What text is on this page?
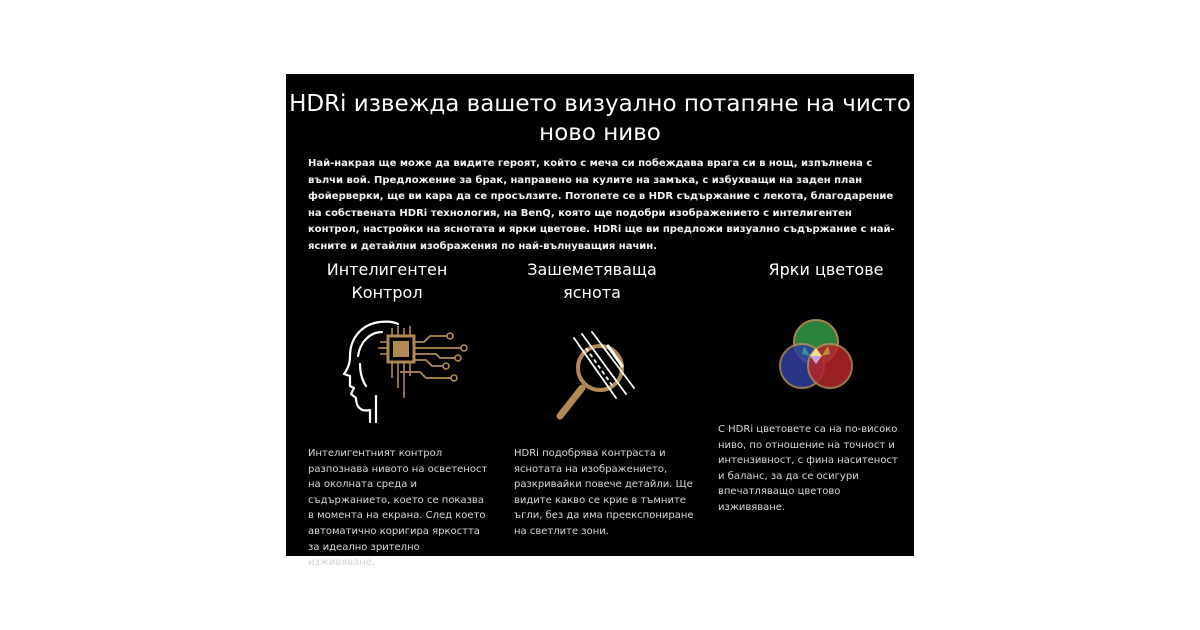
HDRi извежда вашето визуално потапяне на чисто ново ниво

Най-накрая ще може да видите героят, който с меча си побеждава врага си в нощ, изпълнена с вълчи вой. Предложение за брак, направено на кулите на замъка, с избухващи на заден план фойерверки, ще ви кара да се просълзите. Потопете се в HDR съдържание с лекота, благодарение на собствената HDRi технология, на BenQ, която ще подобри изображението с интелигентен контрол, настройки на яснотата и ярки цветове. HDRi ще ви предложи визуално съдържание с най-ясните и детайлни изображения по най-вълнуващия начин.

Интелигентен Контрол

Интелигентният контрол разпознава нивото на осветеност на околната среда и съдържанието, което се показва в момента на екрана. След което автоматично коригира яркостта за идеално зрително изживяване.

Зашеметяваща яснота

HDRi подобрява контраста и яснотата на изображението, разкривайки повече детайли. Ще видите какво се крие в тъмните ъгли, без да има преекспониране на светлите зони.

Ярки цветове

С HDRi цветовете са на по-високо ниво, по отношение на точност и интензивност, с фина наситеност и баланс, за да се осигури впечатляващо цветово изживяване.
